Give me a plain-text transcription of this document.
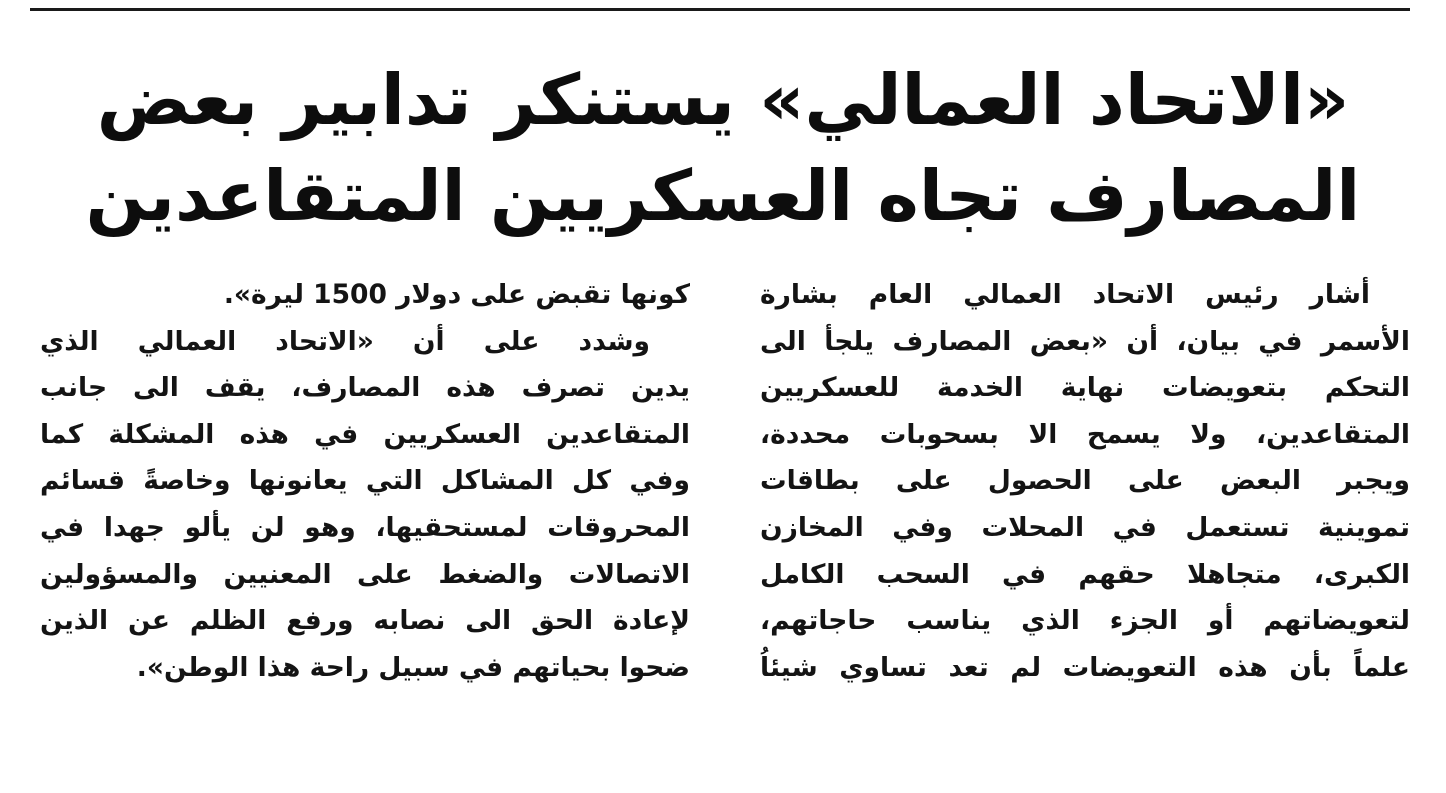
«الاتحاد العمالي» يستنكر تدابير بعض
المصارف تجاه العسكريين المتقاعدين
أشار رئيس الاتحاد العمالي العام بشارة
الأسمر في بيان، أن «بعض المصارف يلجأ الى
التحكم بتعويضات نهاية الخدمة للعسكريين
المتقاعدين، ولا يسمح الا بسحوبات محددة،
ويجبر البعض على الحصول على بطاقات
تموينية تستعمل في المحلات وفي المخازن
الكبرى، متجاهلا حقهم في السحب الكامل
لتعويضاتهم أو الجزء الذي يناسب حاجاتهم،
علماً بأن هذه التعويضات لم تعد تساوي شيئاُ
كونها تقبض على دولار 1500 ليرة».
وشدد على أن «الاتحاد العمالي الذي
يدين تصرف هذه المصارف، يقف الى جانب
المتقاعدين العسكريين في هذه المشكلة كما
وفي كل المشاكل التي يعانونها وخاصةً قسائم
المحروقات لمستحقيها، وهو لن يألو جهدا في
الاتصالات والضغط على المعنيين والمسؤولين
لإعادة الحق الى نصابه ورفع الظلم عن الذين
ضحوا بحياتهم في سبيل راحة هذا الوطن».
